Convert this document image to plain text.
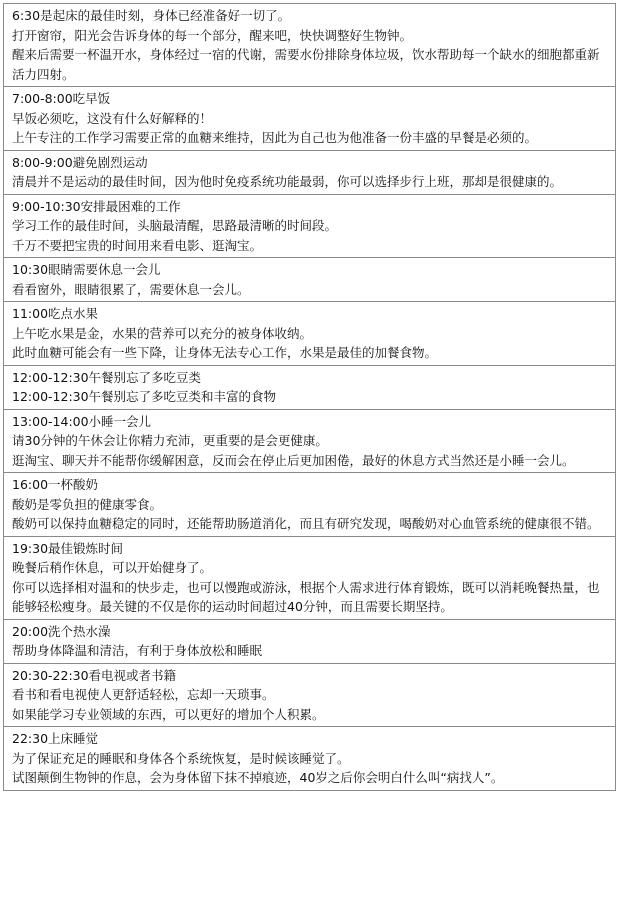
6:30是起床的最佳时刻，身体已经准备好一切了。
打开窗帘，阳光会告诉身体的每一个部分，醒来吧，快快调整好生物钟。
醒来后需要一杯温开水，身体经过一宿的代谢，需要水份排除身体垃圾，饮水帮助每一个缺水的细胞都重新活力四射。

7:00-8:00吃早饭
早饭必须吃，这没有什么好解释的！
上午专注的工作学习需要正常的血糖来维持，因此为自己也为他准备一份丰盛的早餐是必须的。

8:00-9:00避免剧烈运动
清晨并不是运动的最佳时间，因为他时免疫系统功能最弱，你可以选择步行上班，那却是很健康的。

9:00-10:30安排最困难的工作
学习工作的最佳时间，头脑最清醒，思路最清晰的时间段。
千万不要把宝贵的时间用来看电影、逛淘宝。

10:30眼睛需要休息一会儿
看看窗外，眼睛很累了，需要休息一会儿。

11:00吃点水果
上午吃水果是金，水果的营养可以充分的被身体收纳。
此时血糖可能会有一些下降，让身体无法专心工作，水果是最佳的加餐食物。

12:00-12:30午餐别忘了多吃豆类
12:00-12:30午餐别忘了多吃豆类和丰富的食物

13:00-14:00小睡一会儿
请30分钟的午休会让你精力充沛，更重要的是会更健康。
逛淘宝、聊天并不能帮你缓解困意，反而会在停止后更加困倦，最好的休息方式当然还是小睡一会儿。

16:00一杯酸奶
酸奶是零负担的健康零食。
酸奶可以保持血糖稳定的同时，还能帮助肠道消化，而且有研究发现，喝酸奶对心血管系统的健康很不错。

19:30最佳锻炼时间
晚餐后稍作休息，可以开始健身了。
你可以选择相对温和的快步走，也可以慢跑或游泳，根据个人需求进行体育锻炼，既可以消耗晚餐热量，也能够轻松瘦身。最关键的不仅是你的运动时间超过40分钟，而且需要长期坚持。

20:00洗个热水澡
帮助身体降温和清洁，有利于身体放松和睡眠

20:30-22:30看电视或者书籍
看书和看电视使人更舒适轻松，忘却一天琐事。
如果能学习专业领域的东西，可以更好的增加个人积累。

22:30上床睡觉
为了保证充足的睡眠和身体各个系统恢复，是时候该睡觉了。
试图颠倒生物钟的作息，会为身体留下抹不掉痕迹，40岁之后你会明白什么叫“病找人”。
